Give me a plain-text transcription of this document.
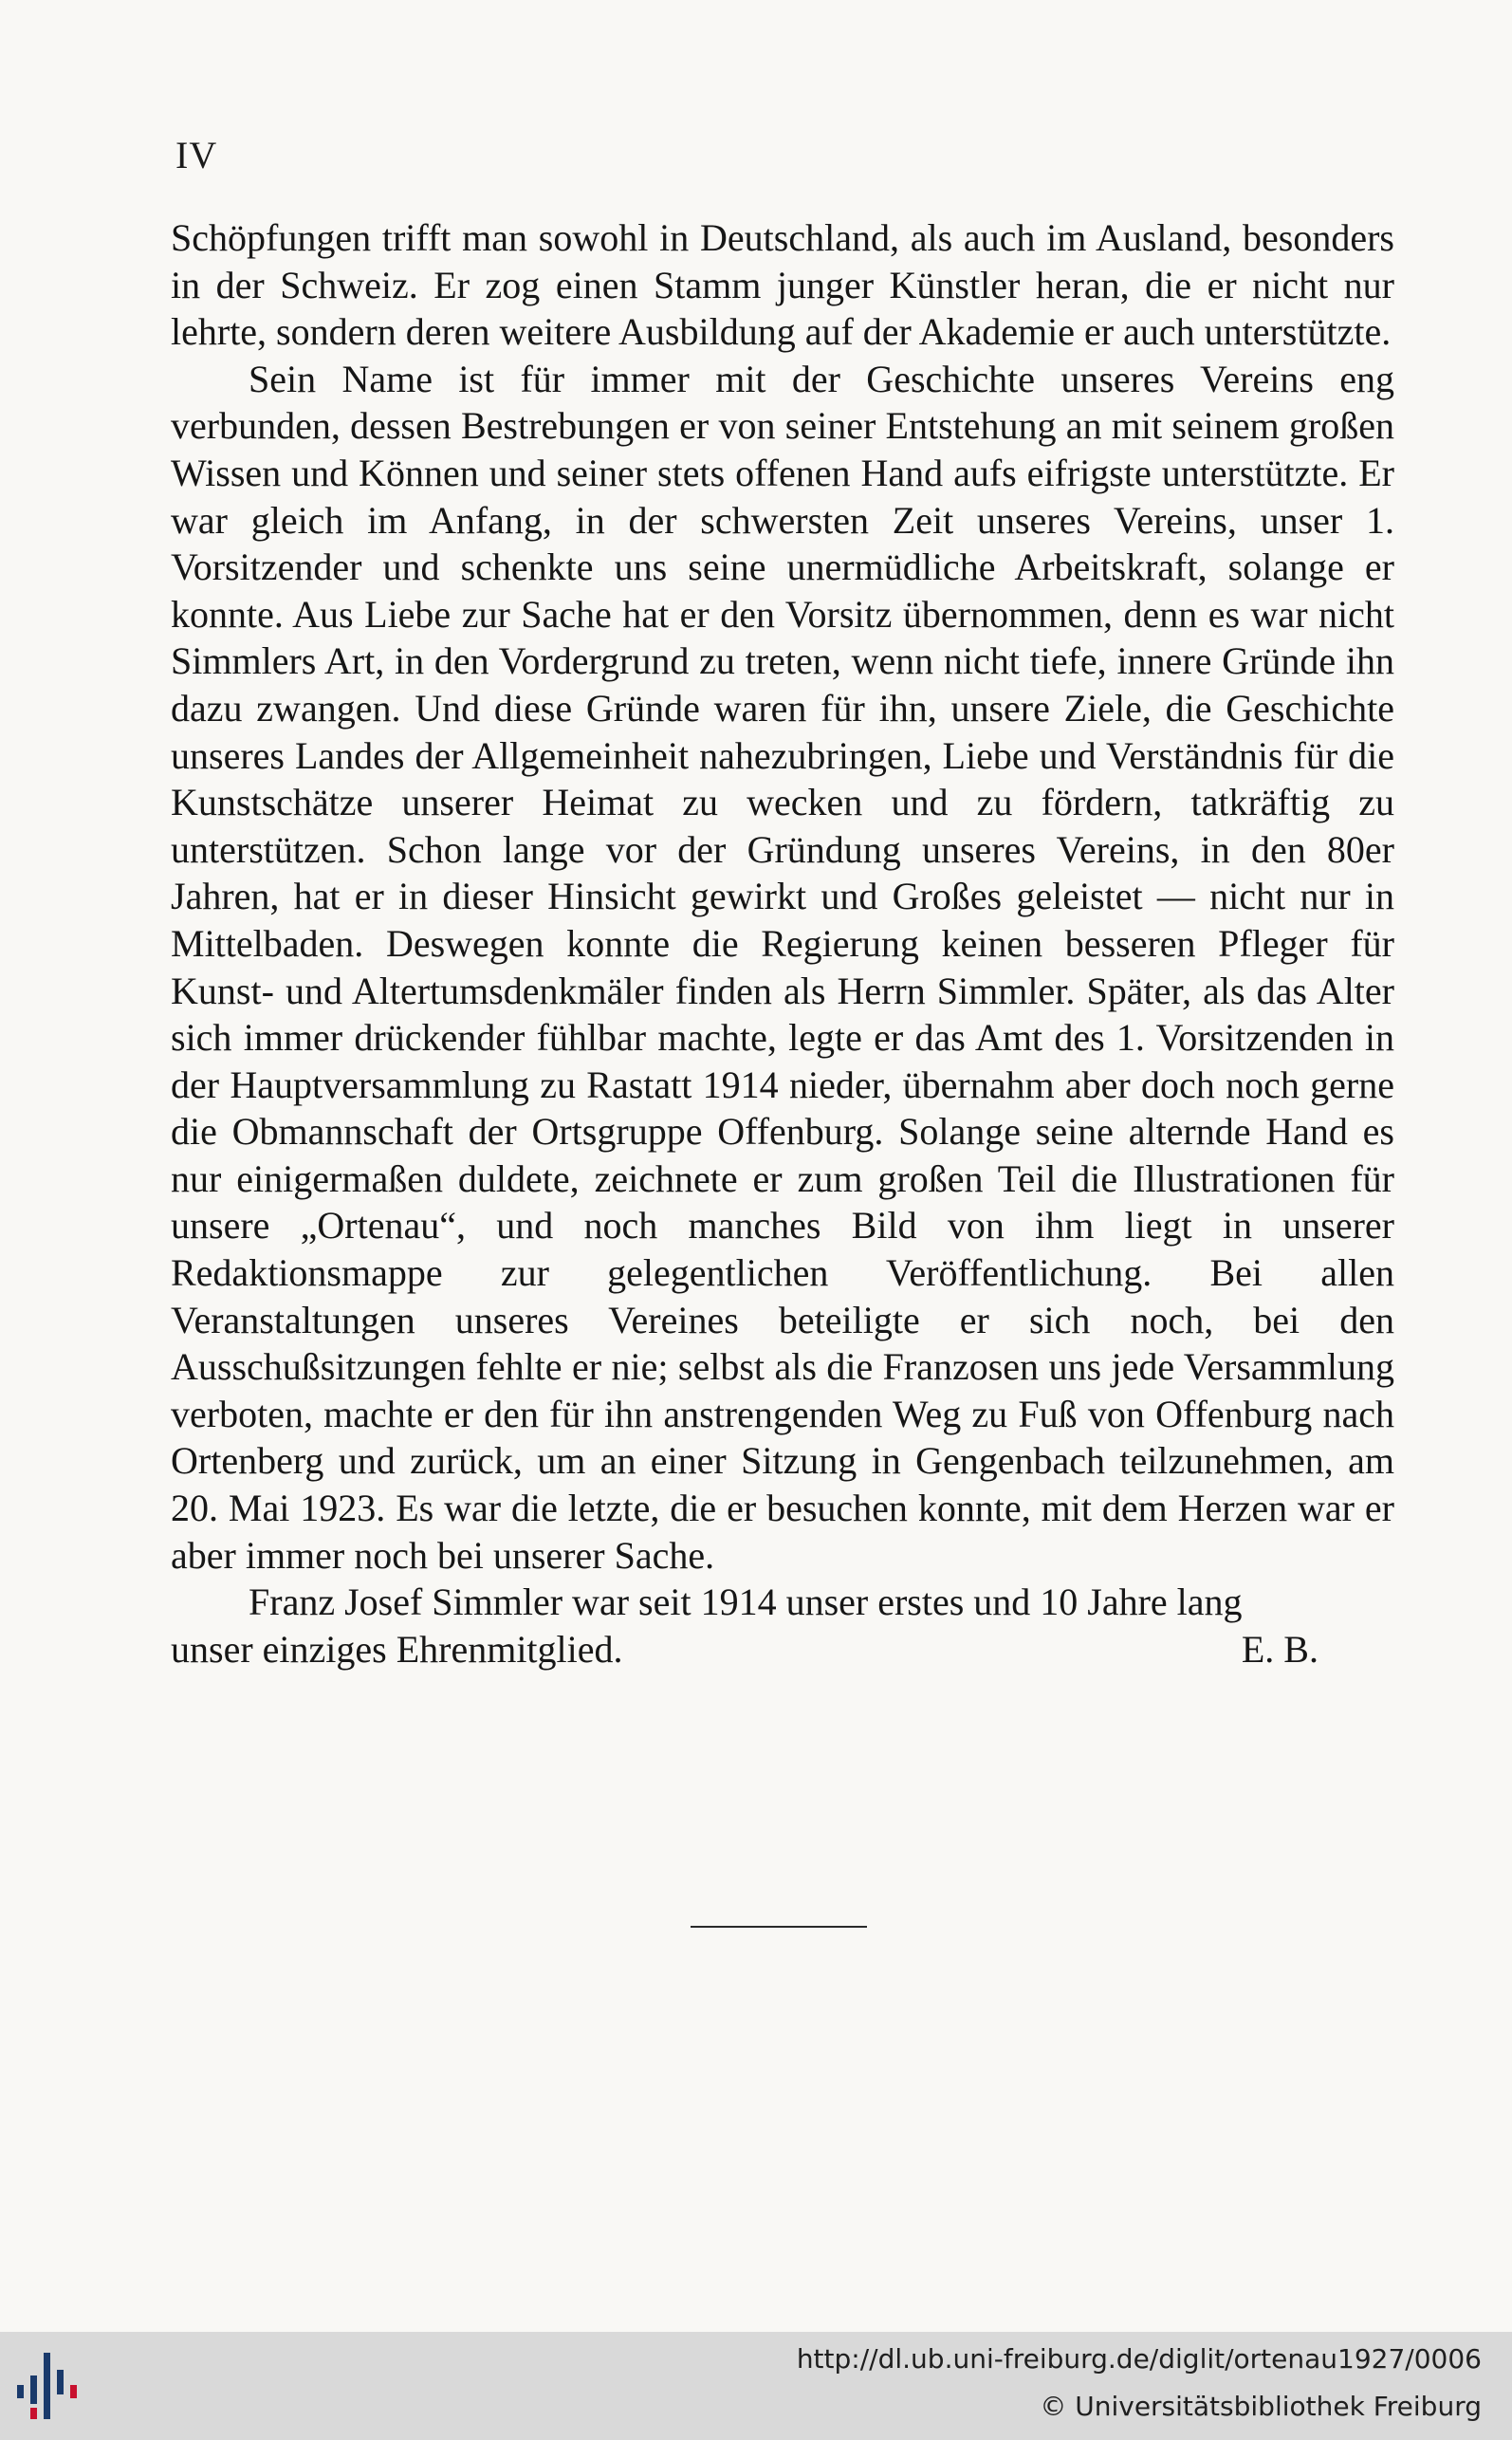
IV

Schöpfungen trifft man sowohl in Deutschland, als auch im Ausland, besonders in der Schweiz. Er zog einen Stamm junger Künstler heran, die er nicht nur lehrte, sondern deren weitere Ausbildung auf der Akademie er auch unterstützte.

Sein Name ist für immer mit der Geschichte unseres Vereins eng verbunden, dessen Bestrebungen er von seiner Entstehung an mit seinem großen Wissen und Können und seiner stets offenen Hand aufs eifrigste unterstützte. Er war gleich im Anfang, in der schwersten Zeit unseres Vereins, unser 1. Vorsitzender und schenkte uns seine unermüdliche Arbeitskraft, solange er konnte. Aus Liebe zur Sache hat er den Vorsitz übernommen, denn es war nicht Simmlers Art, in den Vordergrund zu treten, wenn nicht tiefe, innere Gründe ihn dazu zwangen. Und diese Gründe waren für ihn, unsere Ziele, die Geschichte unseres Landes der Allgemeinheit nahezubringen, Liebe und Verständnis für die Kunstschätze unserer Heimat zu wecken und zu fördern, tatkräftig zu unterstützen. Schon lange vor der Gründung unseres Vereins, in den 80er Jahren, hat er in dieser Hinsicht gewirkt und Großes geleistet — nicht nur in Mittelbaden. Deswegen konnte die Regierung keinen besseren Pfleger für Kunst- und Altertumsdenkmäler finden als Herrn Simmler. Später, als das Alter sich immer drückender fühlbar machte, legte er das Amt des 1. Vorsitzenden in der Hauptversammlung zu Rastatt 1914 nieder, übernahm aber doch noch gerne die Obmannschaft der Ortsgruppe Offenburg. Solange seine alternde Hand es nur einigermaßen duldete, zeichnete er zum großen Teil die Illustrationen für unsere „Ortenau“, und noch manches Bild von ihm liegt in unserer Redaktionsmappe zur gelegentlichen Veröffentlichung. Bei allen Veranstaltungen unseres Vereines beteiligte er sich noch, bei den Ausschußsitzungen fehlte er nie; selbst als die Franzosen uns jede Versammlung verboten, machte er den für ihn anstrengenden Weg zu Fuß von Offenburg nach Ortenberg und zurück, um an einer Sitzung in Gengenbach teilzunehmen, am 20. Mai 1923. Es war die letzte, die er besuchen konnte, mit dem Herzen war er aber immer noch bei unserer Sache.

Franz Josef Simmler war seit 1914 unser erstes und 10 Jahre lang

unser einziges Ehrenmitglied.	E. B.
http://dl.ub.uni-freiburg.de/diglit/ortenau1927/0006
© Universitätsbibliothek Freiburg
